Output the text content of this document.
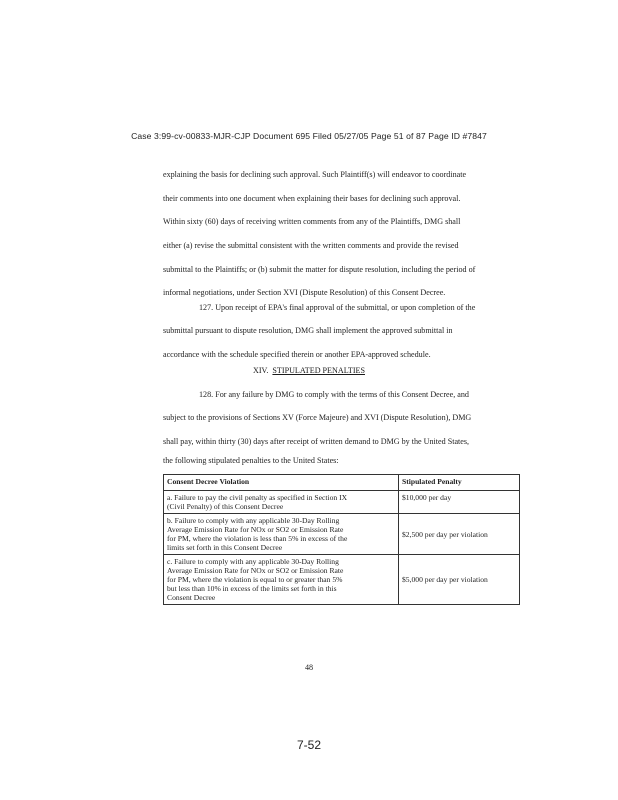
Case 3:99-cv-00833-MJR-CJP Document 695 Filed 05/27/05 Page 51 of 87 Page ID #7847
explaining the basis for declining such approval. Such Plaintiff(s) will endeavor to coordinate
their comments into one document when explaining their bases for declining such approval.
Within sixty (60) days of receiving written comments from any of the Plaintiffs, DMG shall
either (a) revise the submittal consistent with the written comments and provide the revised
submittal to the Plaintiffs; or (b) submit the matter for dispute resolution, including the period of
informal negotiations, under Section XVI (Dispute Resolution) of this Consent Decree.
127. Upon receipt of EPA's final approval of the submittal, or upon completion of the
submittal pursuant to dispute resolution, DMG shall implement the approved submittal in
accordance with the schedule specified therein or another EPA-approved schedule.
XIV. STIPULATED PENALTIES
128. For any failure by DMG to comply with the terms of this Consent Decree, and
subject to the provisions of Sections XV (Force Majeure) and XVI (Dispute Resolution), DMG
shall pay, within thirty (30) days after receipt of written demand to DMG by the United States,
the following stipulated penalties to the United States:
Consent Decree Violation	Stipulated Penalty

a. Failure to pay the civil penalty as specified in Section IX
(Civil Penalty) of this Consent Decree	$10,000 per day

b. Failure to comply with any applicable 30-Day Rolling
Average Emission Rate for NOx or SO2 or Emission Rate
for PM, where the violation is less than 5% in excess of the
limits set forth in this Consent Decree	$2,500 per day per violation

c. Failure to comply with any applicable 30-Day Rolling
Average Emission Rate for NOx or SO2 or Emission Rate
for PM, where the violation is equal to or greater than 5%
but less than 10% in excess of the limits set forth in this
Consent Decree	$5,000 per day per violation
48
7-52
